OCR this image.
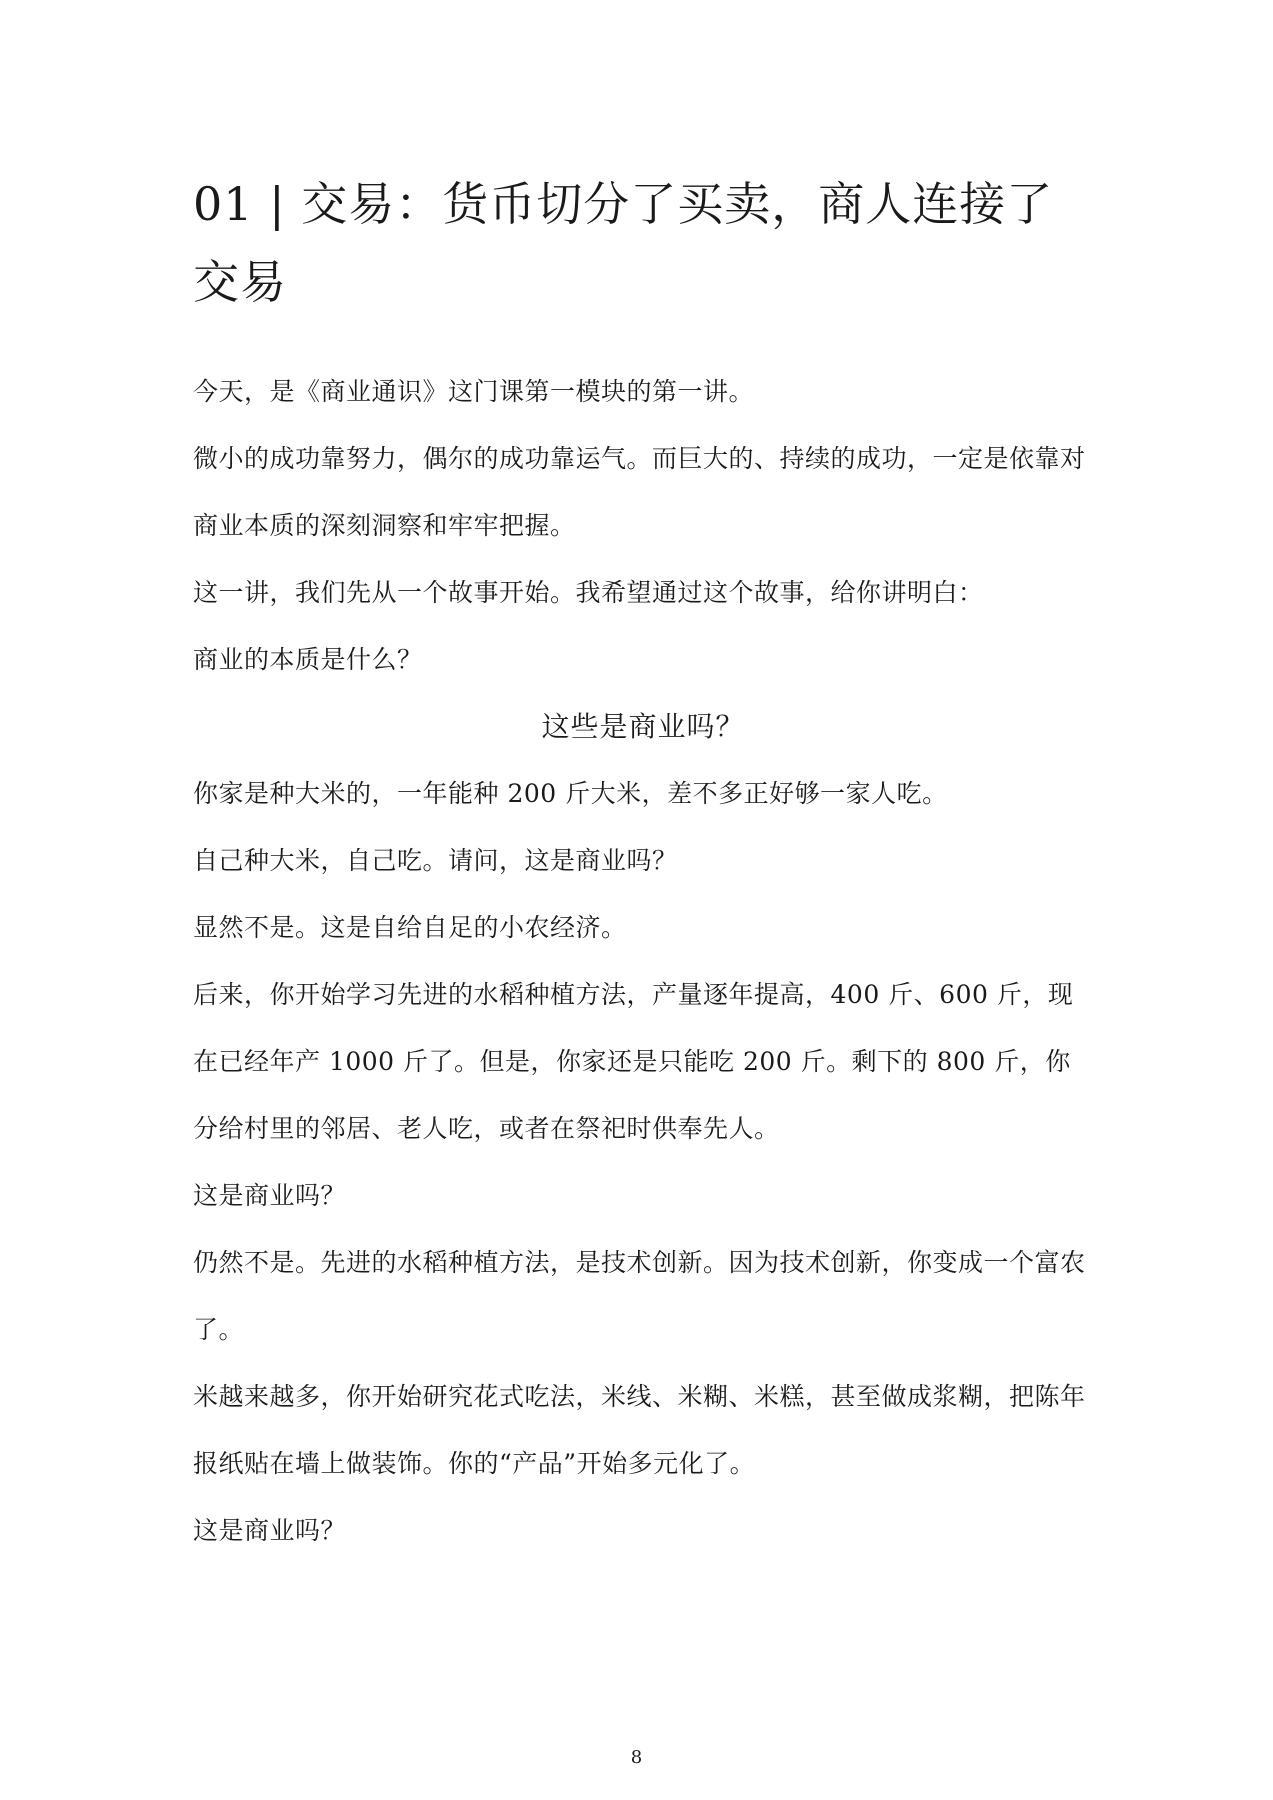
01 | 交易：货币切分了买卖，商人连接了交易

今天，是《商业通识》这门课第一模块的第一讲。

微小的成功靠努力，偶尔的成功靠运气。而巨大的、持续的成功，一定是依靠对商业本质的深刻洞察和牢牢把握。

这一讲，我们先从一个故事开始。我希望通过这个故事，给你讲明白：

商业的本质是什么？

这些是商业吗？

你家是种大米的，一年能种 200 斤大米，差不多正好够一家人吃。

自己种大米，自己吃。请问，这是商业吗？

显然不是。这是自给自足的小农经济。

后来，你开始学习先进的水稻种植方法，产量逐年提高，400 斤、600 斤，现在已经年产 1000 斤了。但是，你家还是只能吃 200 斤。剩下的 800 斤，你分给村里的邻居、老人吃，或者在祭祀时供奉先人。

这是商业吗？

仍然不是。先进的水稻种植方法，是技术创新。因为技术创新，你变成一个富农了。

米越来越多，你开始研究花式吃法，米线、米糊、米糕，甚至做成浆糊，把陈年报纸贴在墙上做装饰。你的“产品”开始多元化了。

这是商业吗？

8
